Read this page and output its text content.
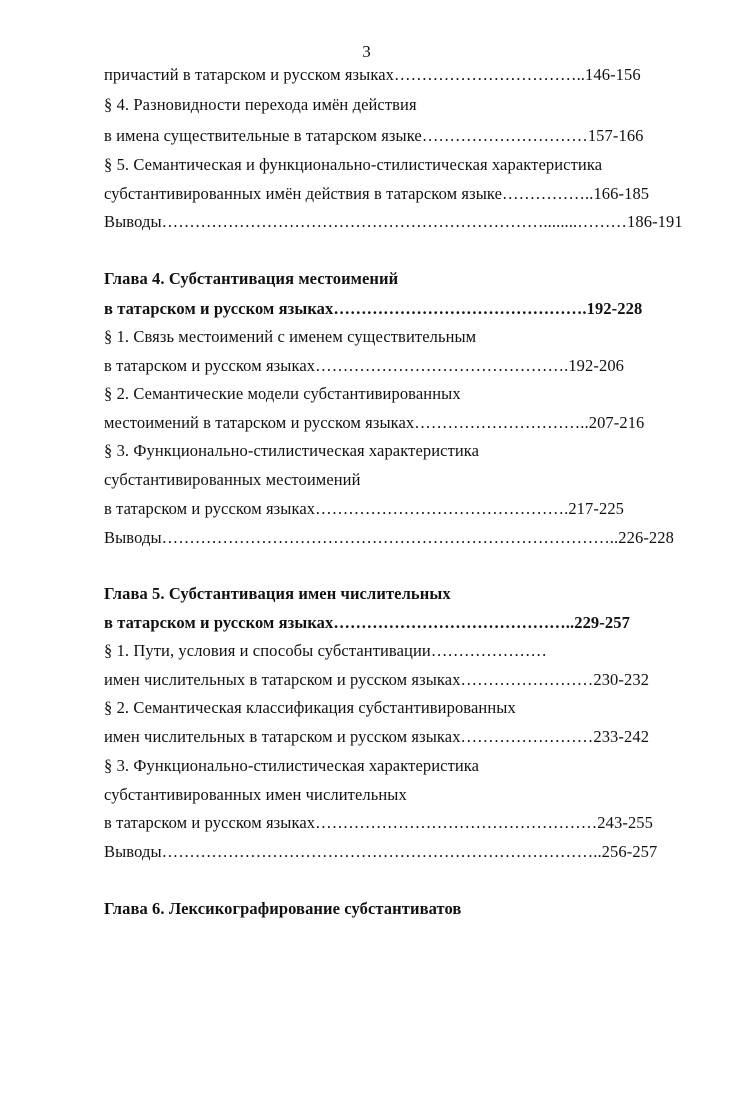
3
причастий в татарском и русском языках……………………………..146-156
§ 4. Разновидности перехода имён действия
в имена существительные в татарском языке…………………………157-166
§ 5. Семантическая и функционально-стилистическая характеристика
субстантивированных имён действия в татарском языке……………..166-185
Выводы……………………………………………………………........………186-191
Глава 4. Субстантивация местоимений
в татарском и русском языках……………………………………….192-228
§ 1. Связь местоимений с именем существительным
в татарском и русском языках……………………………………….192-206
§ 2. Семантические модели субстантивированных
местоимений в татарском и русском языках…………………………..207-216
§ 3. Функционально-стилистическая характеристика
субстантивированных местоимений
в татарском и русском языках……………………………………….217-225
Выводы………………………………………………………………………..226-228
Глава 5. Субстантивация имен числительных
в татарском и русском языках……………………………………..229-257
§ 1. Пути, условия и способы субстантивации…………………
имен числительных в татарском и русском языках……………………230-232
§ 2. Семантическая классификация субстантивированных
имен числительных в татарском и русском языках……………………233-242
§ 3. Функционально-стилистическая характеристика
субстантивированных имен числительных
в татарском и русском языках……………………………………………243-255
Выводы……………………………………………………………………..256-257
Глава 6. Лексикографирование субстантиватов
